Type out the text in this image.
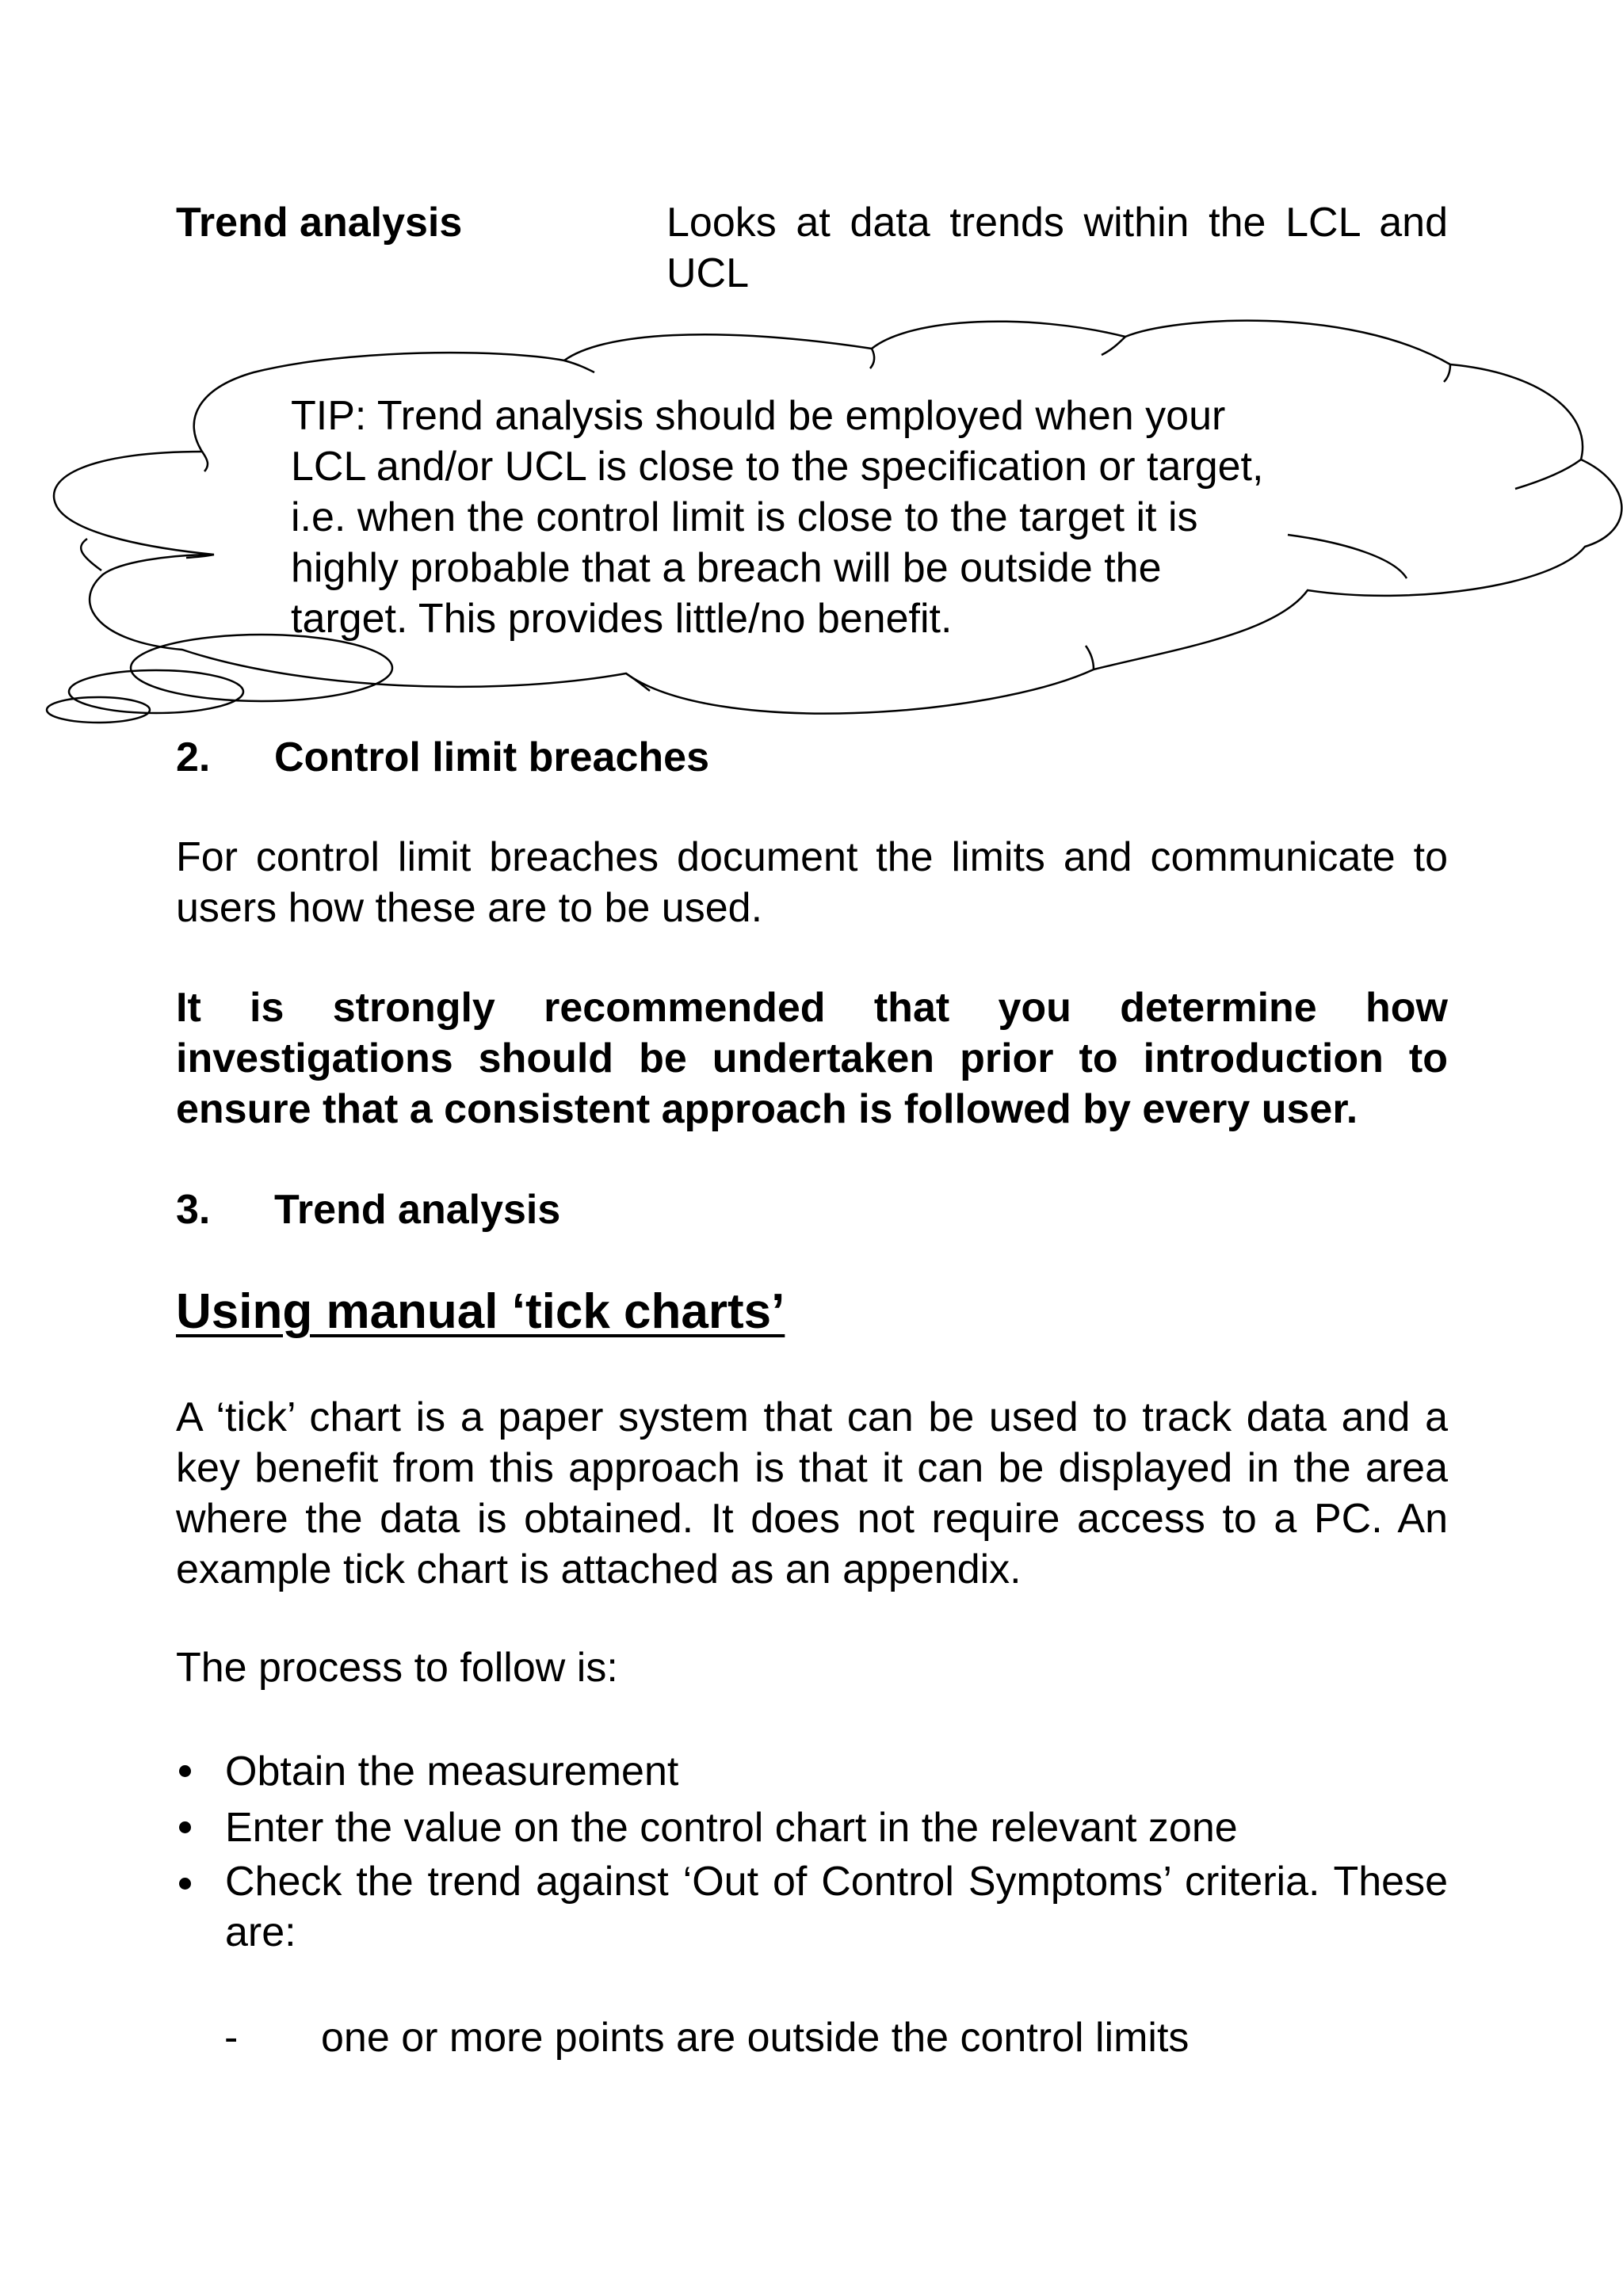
Trend analysis	Looks at data trends within the LCL and UCL

TIP: Trend analysis should be employed when your LCL and/or UCL is close to the specification or target, i.e. when the control limit is close to the target it is highly probable that a breach will be outside the target. This provides little/no benefit.

2. Control limit breaches

For control limit breaches document the limits and communicate to users how these are to be used.

It is strongly recommended that you determine how investigations should be undertaken prior to introduction to ensure that a consistent approach is followed by every user.

3. Trend analysis

Using manual ‘tick charts’

A ‘tick’ chart is a paper system that can be used to track data and a key benefit from this approach is that it can be displayed in the area where the data is obtained. It does not require access to a PC. An example tick chart is attached as an appendix.

The process to follow is:

Obtain the measurement
Enter the value on the control chart in the relevant zone
Check the trend against ‘Out of Control Symptoms’ criteria. These are:
- one or more points are outside the control limits
